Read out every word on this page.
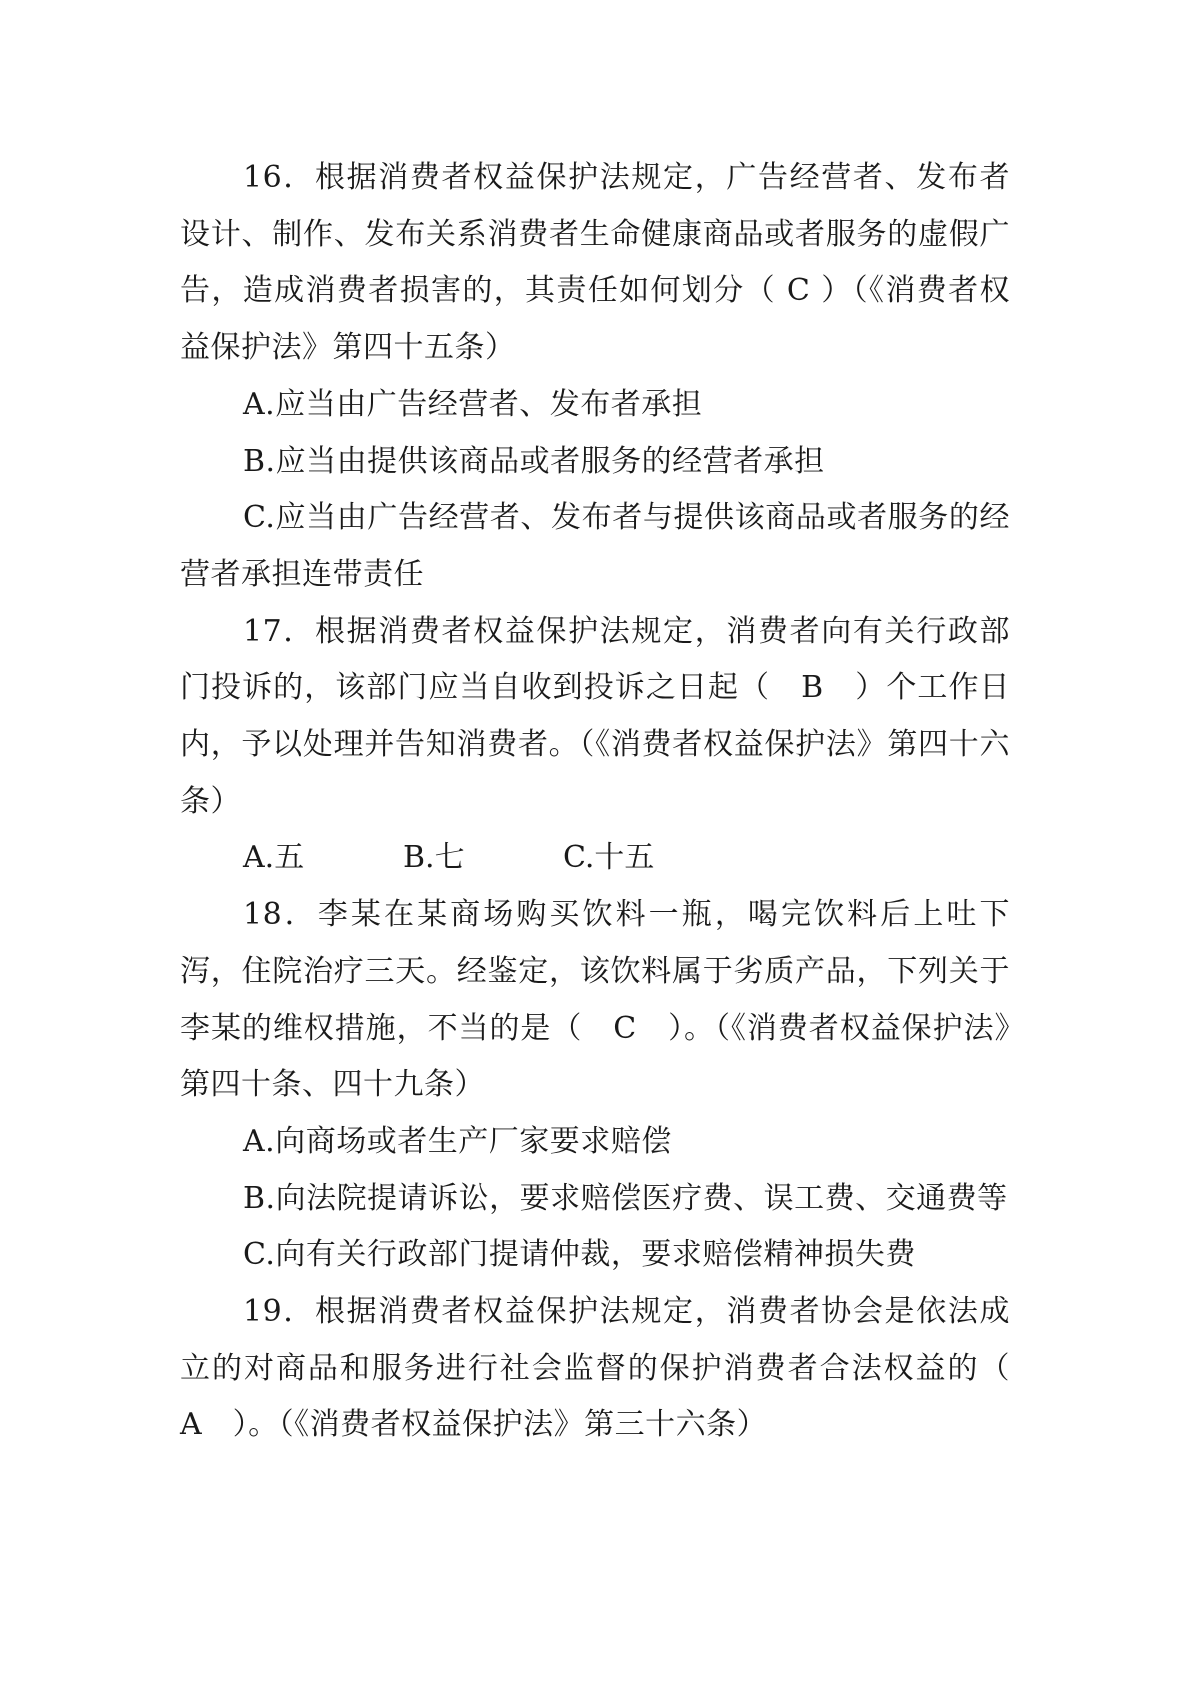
16．根据消费者权益保护法规定，广告经营者、发布者设计、制作、发布关系消费者生命健康商品或者服务的虚假广告，造成消费者损害的，其责任如何划分（ C ）（《消费者权益保护法》第四十五条）

A.应当由广告经营者、发布者承担

B.应当由提供该商品或者服务的经营者承担

C.应当由广告经营者、发布者与提供该商品或者服务的经营者承担连带责任

17．根据消费者权益保护法规定，消费者向有关行政部门投诉的，该部门应当自收到投诉之日起（　B　）个工作日内，予以处理并告知消费者。（《消费者权益保护法》第四十六条）

A.五	B.七	C.十五

18．李某在某商场购买饮料一瓶，喝完饮料后上吐下泻，住院治疗三天。经鉴定，该饮料属于劣质产品，下列关于李某的维权措施，不当的是（　C　）。（《消费者权益保护法》第四十条、四十九条）

A.向商场或者生产厂家要求赔偿

B.向法院提请诉讼，要求赔偿医疗费、误工费、交通费等

C.向有关行政部门提请仲裁，要求赔偿精神损失费

19．根据消费者权益保护法规定，消费者协会是依法成立的对商品和服务进行社会监督的保护消费者合法权益的（　A　）。（《消费者权益保护法》第三十六条）
